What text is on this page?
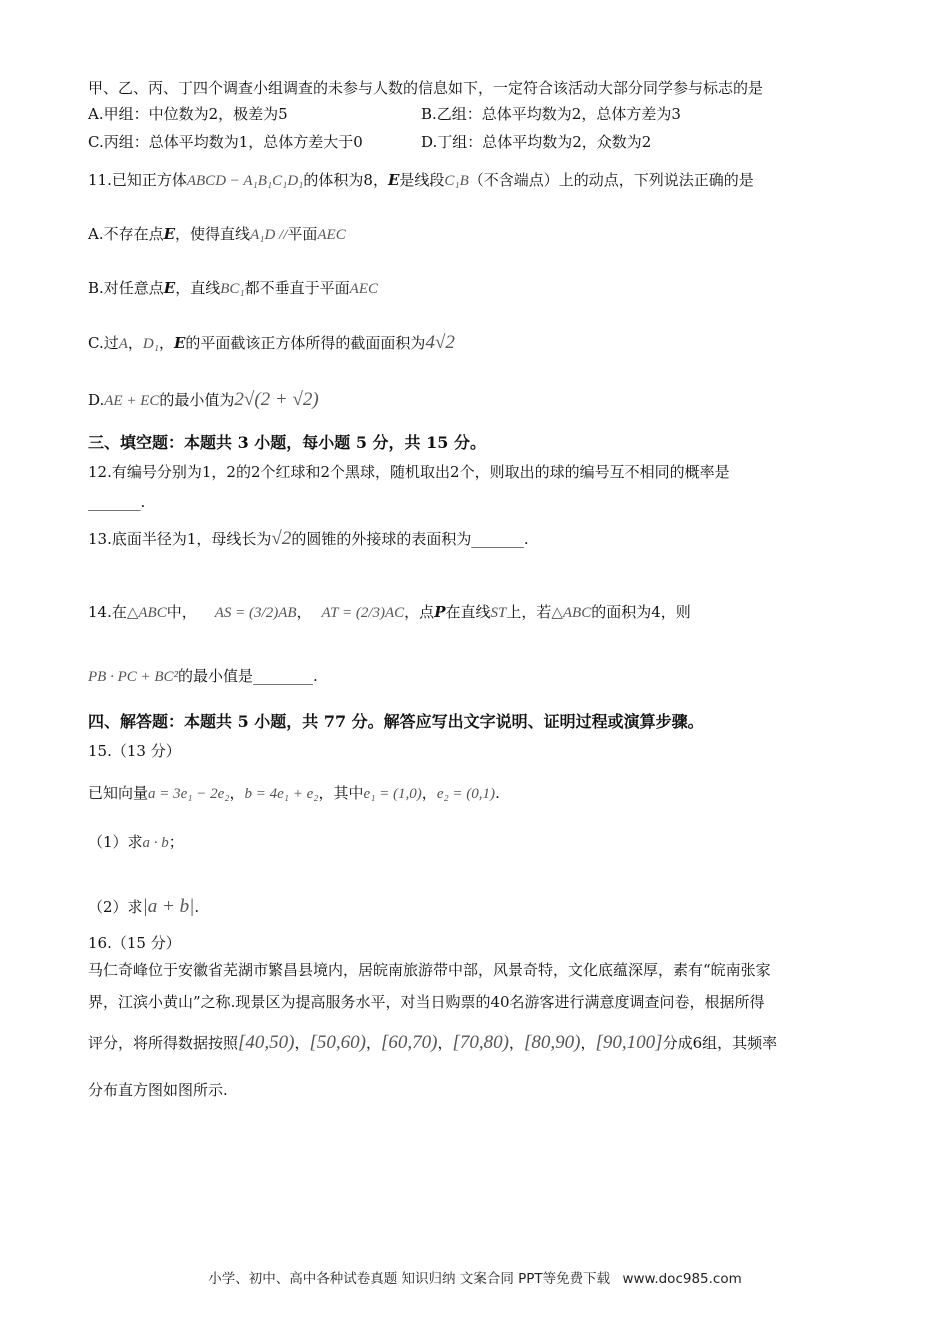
甲、乙、丙、丁四个调查小组调查的未参与人数的信息如下，一定符合该活动大部分同学参与标志的是
A.甲组：中位数为2，极差为5	B.乙组：总体平均数为2，总体方差为3
C.丙组：总体平均数为1，总体方差大于0	D.丁组：总体平均数为2，众数为2
11.已知正方体ABCD − A₁B₁C₁D₁的体积为8，E是线段C₁B（不含端点）上的动点，下列说法正确的是
A.不存在点E，使得直线A₁D //平面AEC
B.对任意点E，直线BC₁都不垂直于平面AEC
C.过A，D₁，E的平面截该正方体所得的截面面积为4√2
D.AE + EC的最小值为2√(2 + √2)
三、填空题：本题共 3 小题，每小题 5 分，共 15 分。
12.有编号分别为1，2的2个红球和2个黑球，随机取出2个，则取出的球的编号互不相同的概率是
_______.
13.底面半径为1，母线长为√2的圆锥的外接球的表面积为_______.
14.在△ABC中， AS = (3/2)AB， AT = (2/3)AC，点P在直线ST上，若△ABC的面积为4，则
PB · PC + BC²的最小值是________.
四、解答题：本题共 5 小题，共 77 分。解答应写出文字说明、证明过程或演算步骤。
15.（13 分）
已知向量a = 3e₁ − 2e₂，b = 4e₁ + e₂，其中e₁ = (1,0)，e₂ = (0,1).
（1）求a · b；
（2）求|a + b|.
16.（15 分）
马仁奇峰位于安徽省芜湖市繁昌县境内，居皖南旅游带中部，风景奇特，文化底蕴深厚，素有“皖南张家
界，江滨小黄山”之称.现景区为提高服务水平，对当日购票的40名游客进行满意度调查问卷，根据所得
评分，将所得数据按照[40,50)，[50,60)，[60,70)，[70,80)，[80,90)，[90,100]分成6组，其频率
分布直方图如图所示.
小学、初中、高中各种试卷真题 知识归纳 文案合同 PPT等免费下载 www.doc985.com
